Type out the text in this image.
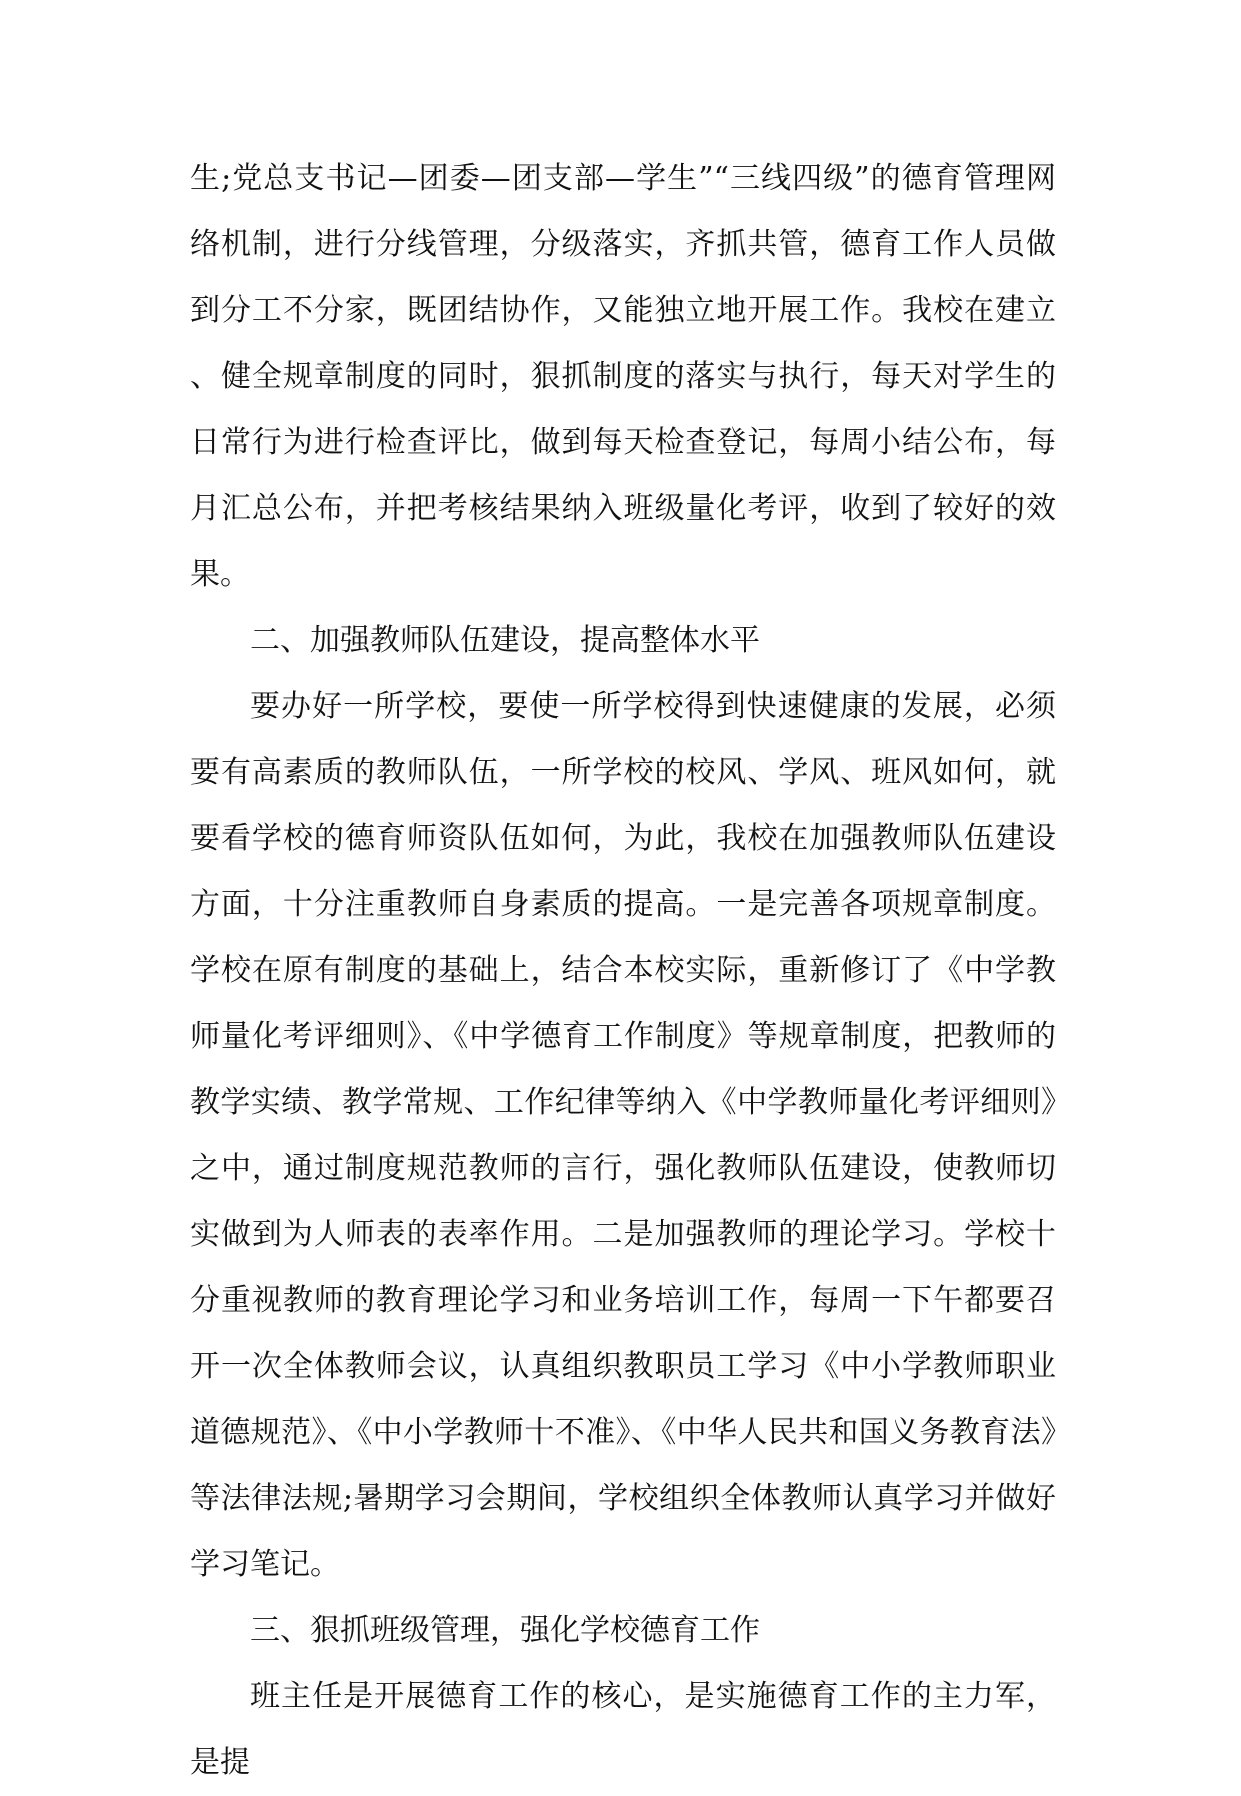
生;党总支书记—团委—团支部—学生”“三线四级”的德育管理网络机制，进行分线管理，分级落实，齐抓共管，德育工作人员做到分工不分家，既团结协作，又能独立地开展工作。我校在建立、健全规章制度的同时，狠抓制度的落实与执行，每天对学生的日常行为进行检查评比，做到每天检查登记，每周小结公布，每月汇总公布，并把考核结果纳入班级量化考评，收到了较好的效果。

二、加强教师队伍建设，提高整体水平

要办好一所学校，要使一所学校得到快速健康的发展，必须要有高素质的教师队伍，一所学校的校风、学风、班风如何，就要看学校的德育师资队伍如何，为此，我校在加强教师队伍建设方面，十分注重教师自身素质的提高。一是完善各项规章制度。学校在原有制度的基础上，结合本校实际，重新修订了《中学教师量化考评细则》、《中学德育工作制度》等规章制度，把教师的教学实绩、教学常规、工作纪律等纳入《中学教师量化考评细则》之中，通过制度规范教师的言行，强化教师队伍建设，使教师切实做到为人师表的表率作用。二是加强教师的理论学习。学校十分重视教师的教育理论学习和业务培训工作，每周一下午都要召开一次全体教师会议，认真组织教职员工学习《中小学教师职业道德规范》、《中小学教师十不准》、《中华人民共和国义务教育法》等法律法规;暑期学习会期间，学校组织全体教师认真学习并做好学习笔记。

三、狠抓班级管理，强化学校德育工作

班主任是开展德育工作的核心，是实施德育工作的主力军，是提
